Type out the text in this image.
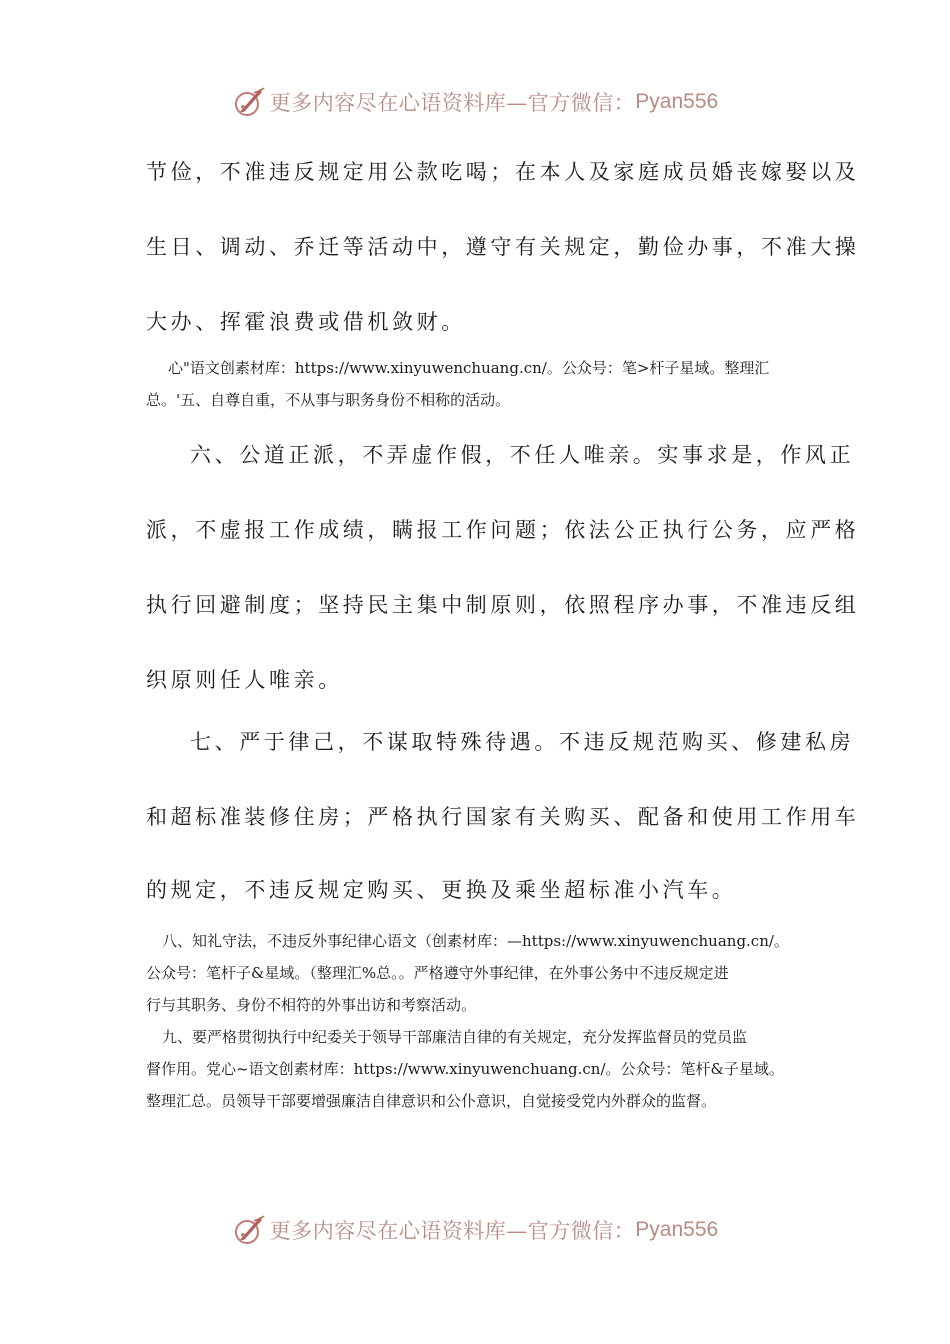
更多内容尽在心语资料库—官方微信： Pyan556
节俭，不准违反规定用公款吃喝；在本人及家庭成员婚丧嫁娶以及
生日、调动、乔迁等活动中，遵守有关规定，勤俭办事，不准大操
大办、挥霍浪费或借机敛财。

心"语文创素材库：https://www.xinyuwenchuang.cn/。公众号：笔>杆子星域。整理汇

总。'五、自尊自重，不从事与职务身份不相称的活动。

六、公道正派，不弄虚作假，不任人唯亲。实事求是，作风正
派，不虚报工作成绩，瞒报工作问题；依法公正执行公务，应严格
执行回避制度；坚持民主集中制原则，依照程序办事，不准违反组
织原则任人唯亲。
七、严于律己，不谋取特殊待遇。不违反规范购买、修建私房
和超标准装修住房；严格执行国家有关购买、配备和使用工作用车
的规定，不违反规定购买、更换及乘坐超标准小汽车。

八、知礼守法，不违反外事纪律心语文（创素材库：—https://www.xinyuwenchuang.cn/。

公众号：笔杆子&星域。（整理汇%总。。严格遵守外事纪律，在外事公务中不违反规定进

行与其职务、身份不相符的外事出访和考察活动。

九、要严格贯彻执行中纪委关于领导干部廉洁自律的有关规定，充分发挥监督员的党员监

督作用。党心~语文创素材库：https://www.xinyuwenchuang.cn/。公众号：笔杆&子星域。

整理汇总。员领导干部要增强廉洁自律意识和公仆意识，自觉接受党内外群众的监督。

更多内容尽在心语资料库—官方微信： Pyan556
